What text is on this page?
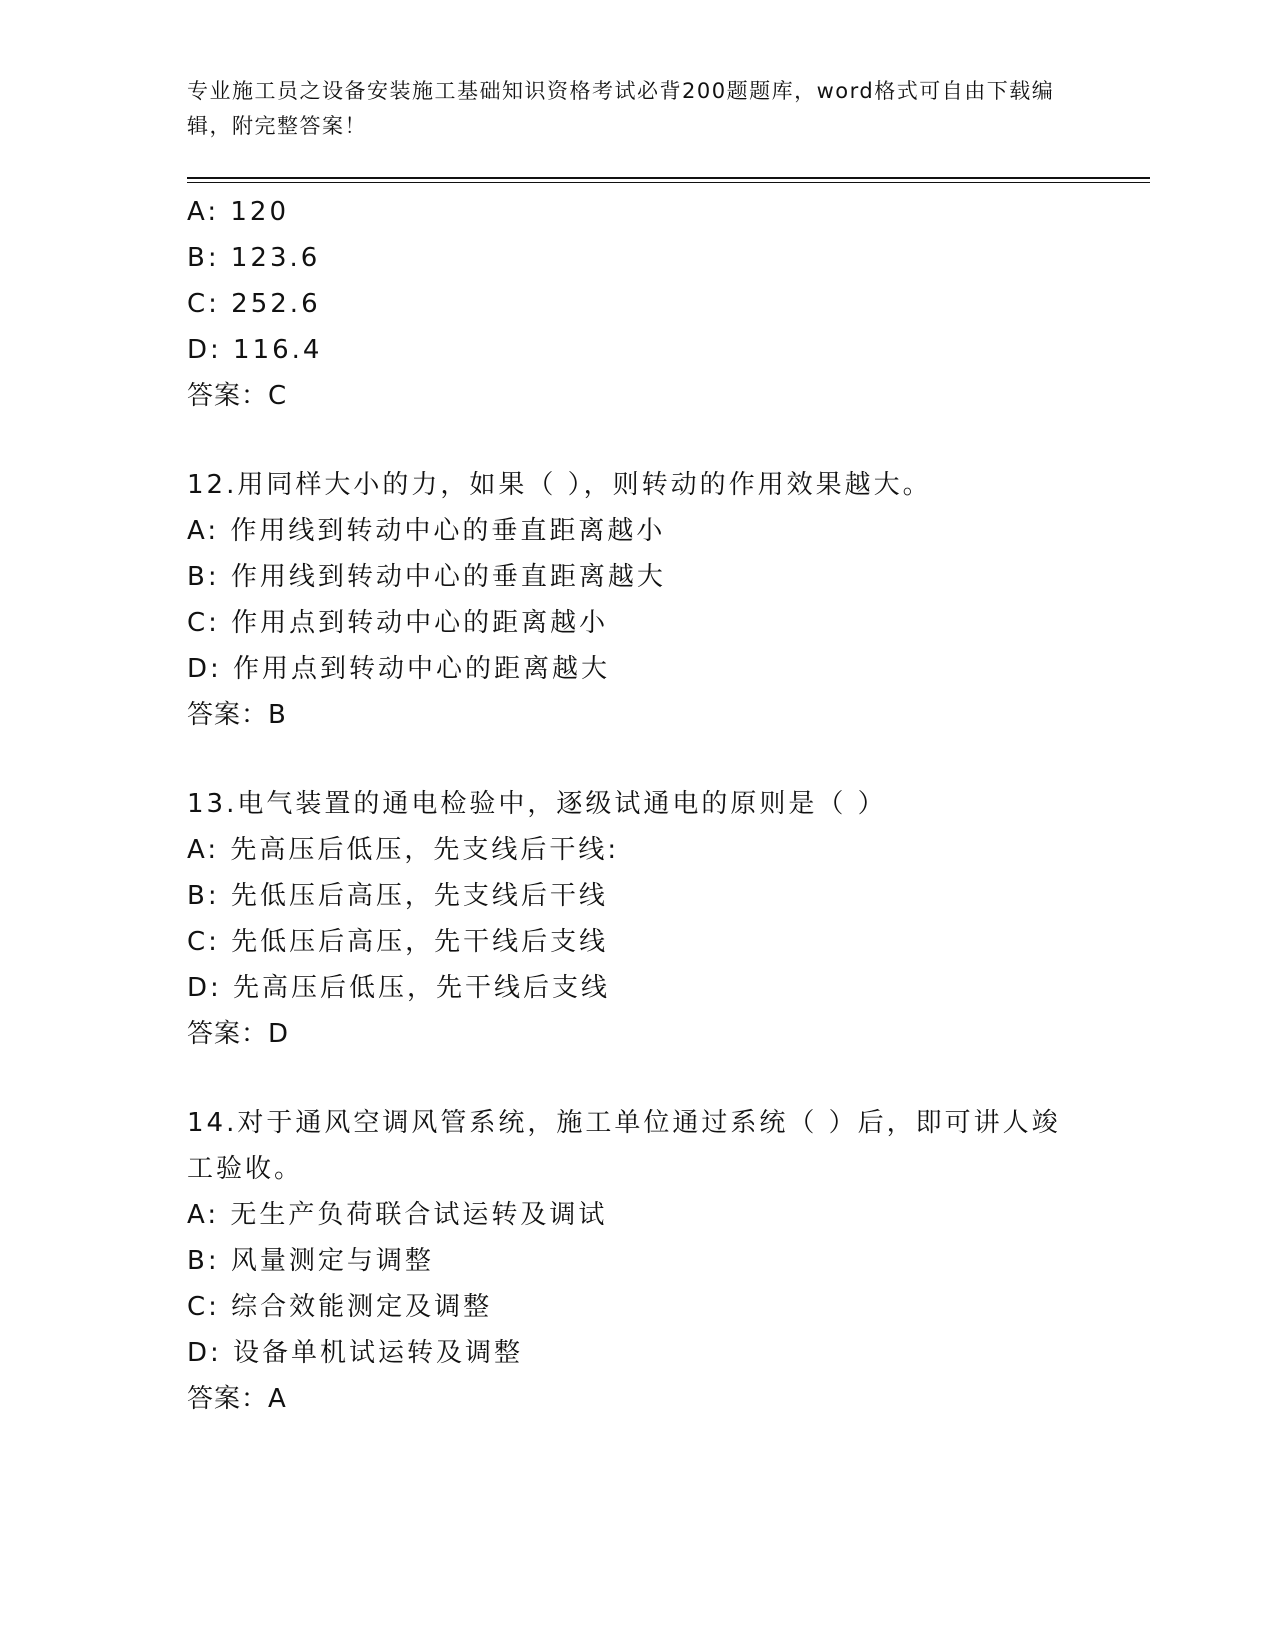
专业施工员之设备安装施工基础知识资格考试必背200题题库，word格式可自由下载编辑，附完整答案！
A: 120
B: 123.6
C: 252.6
D: 116.4
答案：C
12.用同样大小的力，如果（ ），则转动的作用效果越大。
A: 作用线到转动中心的垂直距离越小
B: 作用线到转动中心的垂直距离越大
C: 作用点到转动中心的距离越小
D: 作用点到转动中心的距离越大
答案：B
13.电气装置的通电检验中，逐级试通电的原则是（ ）
A: 先高压后低压，先支线后干线:
B: 先低压后高压，先支线后干线
C: 先低压后高压，先干线后支线
D: 先高压后低压，先干线后支线
答案：D
14.对于通风空调风管系统，施工单位通过系统（ ）后，即可讲人竣工验收。
A: 无生产负荷联合试运转及调试
B: 风量测定与调整
C: 综合效能测定及调整
D: 设备单机试运转及调整
答案：A
